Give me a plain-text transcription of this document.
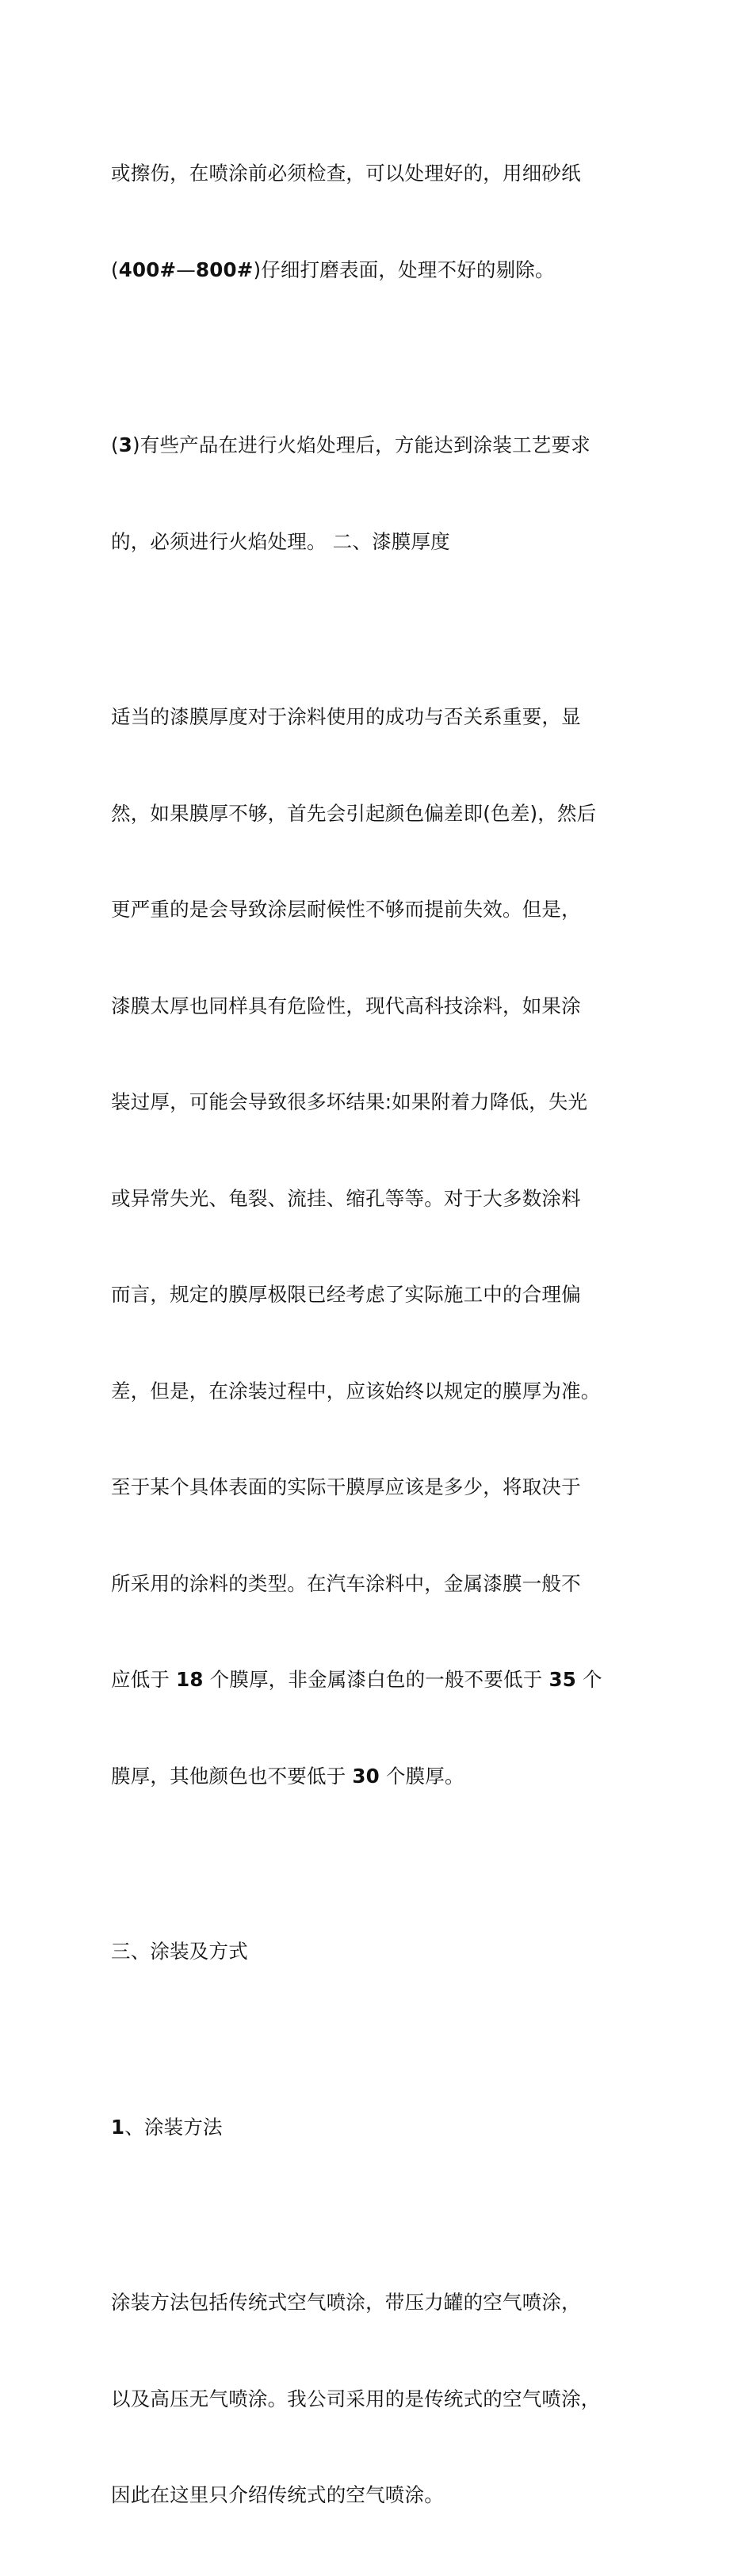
或擦伤，在喷涂前必须检查，可以处理好的，用细砂纸

(400#—800#)仔细打磨表面，处理不好的剔除。

(3)有些产品在进行火焰处理后，方能达到涂装工艺要求

的，必须进行火焰处理。 二、漆膜厚度

适当的漆膜厚度对于涂料使用的成功与否关系重要，显

然，如果膜厚不够，首先会引起颜色偏差即(色差)，然后

更严重的是会导致涂层耐候性不够而提前失效。但是，

漆膜太厚也同样具有危险性，现代高科技涂料，如果涂

装过厚，可能会导致很多坏结果:如果附着力降低，失光

或异常失光、龟裂、流挂、缩孔等等。对于大多数涂料

而言，规定的膜厚极限已经考虑了实际施工中的合理偏

差，但是，在涂装过程中，应该始终以规定的膜厚为准。

至于某个具体表面的实际干膜厚应该是多少，将取决于

所采用的涂料的类型。在汽车涂料中，金属漆膜一般不

应低于 18 个膜厚，非金属漆白色的一般不要低于 35 个

膜厚，其他颜色也不要低于 30 个膜厚。

三、涂装及方式

1、涂装方法

涂装方法包括传统式空气喷涂，带压力罐的空气喷涂，

以及高压无气喷涂。我公司采用的是传统式的空气喷涂，

因此在这里只介绍传统式的空气喷涂。
